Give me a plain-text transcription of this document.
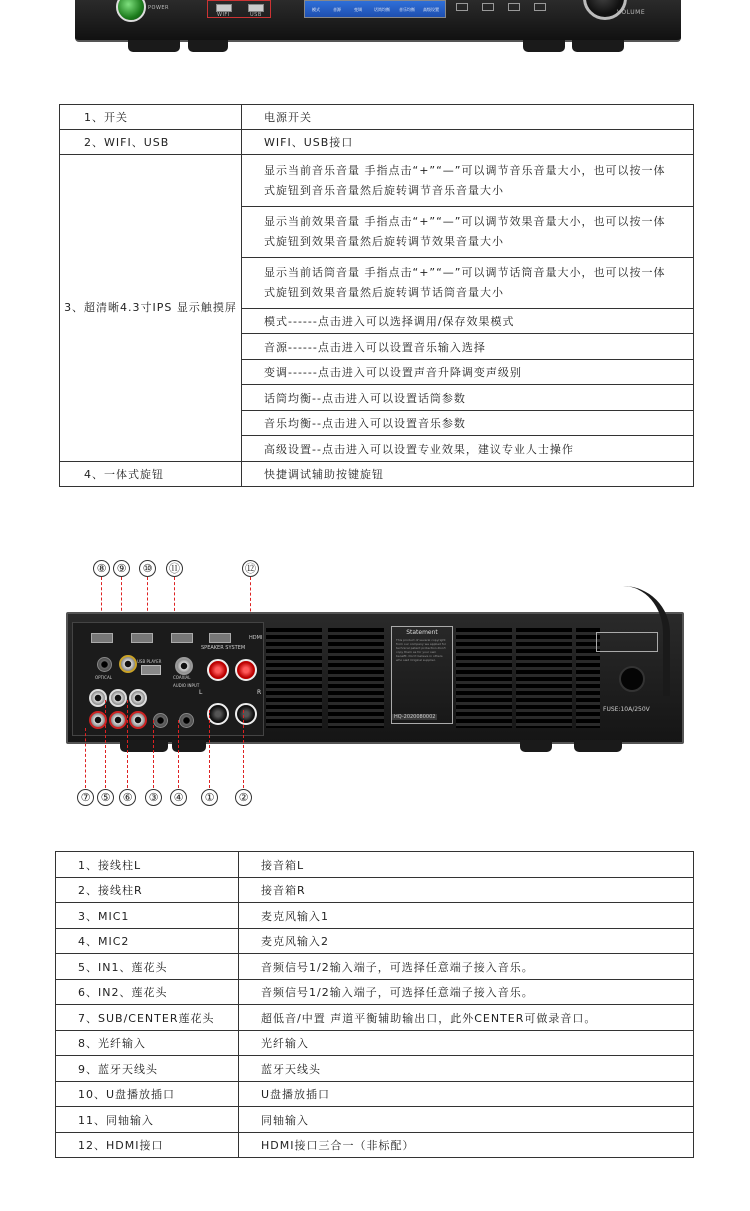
POWER
WIFI	USB
模式	音源	变调	话筒均衡 音乐均衡 高级设置	VOLUME
1、开关	电源开关
2、WIFI、USB	WIFI、USB接口
3、超清晰4.3寸IPS 显示触摸屏	显示当前音乐音量 手指点击“+”“—”可以调节音乐音量大小，也可以按一体式旋钮到音乐音量然后旋转调节音乐音量大小

	显示当前效果音量 手指点击“+”“—”可以调节效果音量大小，也可以按一体式旋钮到效果音量然后旋转调节效果音量大小

	显示当前话筒音量 手指点击“+”“—”可以调节话筒音量大小，也可以按一体式旋钮到效果音量然后旋转调节话筒音量大小

	模式------点击进入可以选择调用/保存效果模式
	音源------点击进入可以设置音乐输入选择
	变调------点击进入可以设置声音升降调变声级别
	话筒均衡--点击进入可以设置话筒参数
	音乐均衡--点击进入可以设置音乐参数
	高级设置--点击进入可以设置专业效果，建议专业人士操作
4、一体式旋钮	快捷调试辅助按键旋钮
⑧ ⑨	⑩	⑪	⑫
HDMI
OPTICAL
USB PLAYER
COAXIAL
AUDIO INPUT
SPEAKER SYSTEM
L	R
Statement
This product of several copyright from our company we applied for technical patent protection.Don't copy them as for your own benefit. Don't believe in others who said Original supplier.
HQ-2020080002
FUSE:10A/250V
⑦ ⑤	⑥	③	④	①	②
1、接线柱L	接音箱L
2、接线柱R	接音箱R
3、MIC1	麦克风输入1
4、MIC2	麦克风输入2
5、IN1、莲花头	音频信号1/2输入端子，可选择任意端子接入音乐。
6、IN2、莲花头	音频信号1/2输入端子，可选择任意端子接入音乐。
7、SUB/CENTER莲花头	超低音/中置 声道平衡辅助输出口，此外CENTER可做录音口。
8、光纤输入	光纤输入
9、蓝牙天线头	蓝牙天线头
10、U盘播放插口	U盘播放插口
11、同轴输入	同轴输入
12、HDMI接口	HDMI接口三合一（非标配）
